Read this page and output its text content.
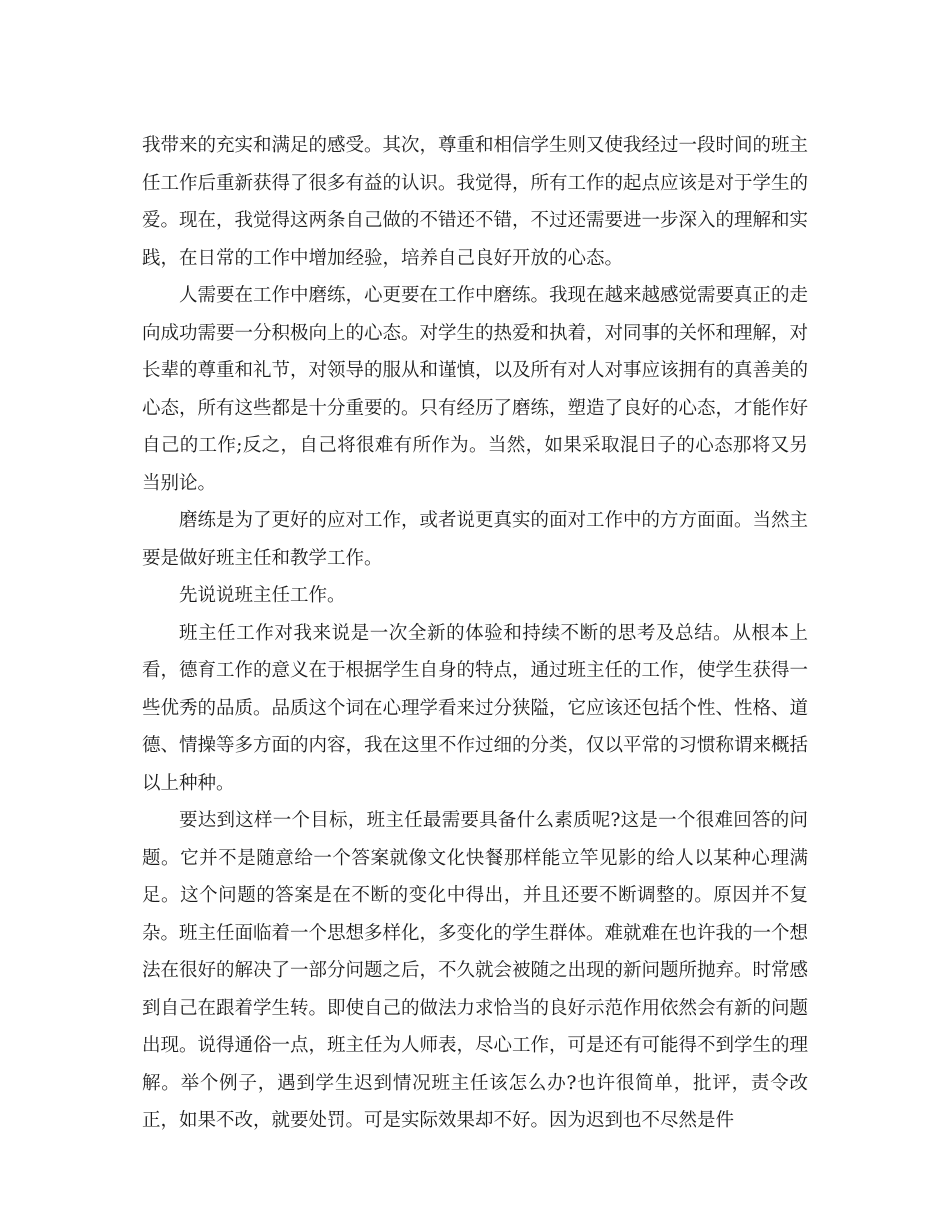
我带来的充实和满足的感受。其次，尊重和相信学生则又使我经过一段时间的班主任工作后重新获得了很多有益的认识。我觉得，所有工作的起点应该是对于学生的爱。现在，我觉得这两条自己做的不错还不错，不过还需要进一步深入的理解和实践，在日常的工作中增加经验，培养自己良好开放的心态。

人需要在工作中磨练，心更要在工作中磨练。我现在越来越感觉需要真正的走向成功需要一分积极向上的心态。对学生的热爱和执着，对同事的关怀和理解，对长辈的尊重和礼节，对领导的服从和谨慎，以及所有对人对事应该拥有的真善美的心态，所有这些都是十分重要的。只有经历了磨练，塑造了良好的心态，才能作好自己的工作;反之，自己将很难有所作为。当然，如果采取混日子的心态那将又另当别论。

磨练是为了更好的应对工作，或者说更真实的面对工作中的方方面面。当然主要是做好班主任和教学工作。

先说说班主任工作。

班主任工作对我来说是一次全新的体验和持续不断的思考及总结。从根本上看，德育工作的意义在于根据学生自身的特点，通过班主任的工作，使学生获得一些优秀的品质。品质这个词在心理学看来过分狭隘，它应该还包括个性、性格、道德、情操等多方面的内容，我在这里不作过细的分类，仅以平常的习惯称谓来概括以上种种。

要达到这样一个目标，班主任最需要具备什么素质呢?这是一个很难回答的问题。它并不是随意给一个答案就像文化快餐那样能立竿见影的给人以某种心理满足。这个问题的答案是在不断的变化中得出，并且还要不断调整的。原因并不复杂。班主任面临着一个思想多样化，多变化的学生群体。难就难在也许我的一个想法在很好的解决了一部分问题之后，不久就会被随之出现的新问题所抛弃。时常感到自己在跟着学生转。即使自己的做法力求恰当的良好示范作用依然会有新的问题出现。说得通俗一点，班主任为人师表，尽心工作，可是还有可能得不到学生的理解。举个例子，遇到学生迟到情况班主任该怎么办?也许很简单，批评，责令改正，如果不改，就要处罚。可是实际效果却不好。因为迟到也不尽然是件
